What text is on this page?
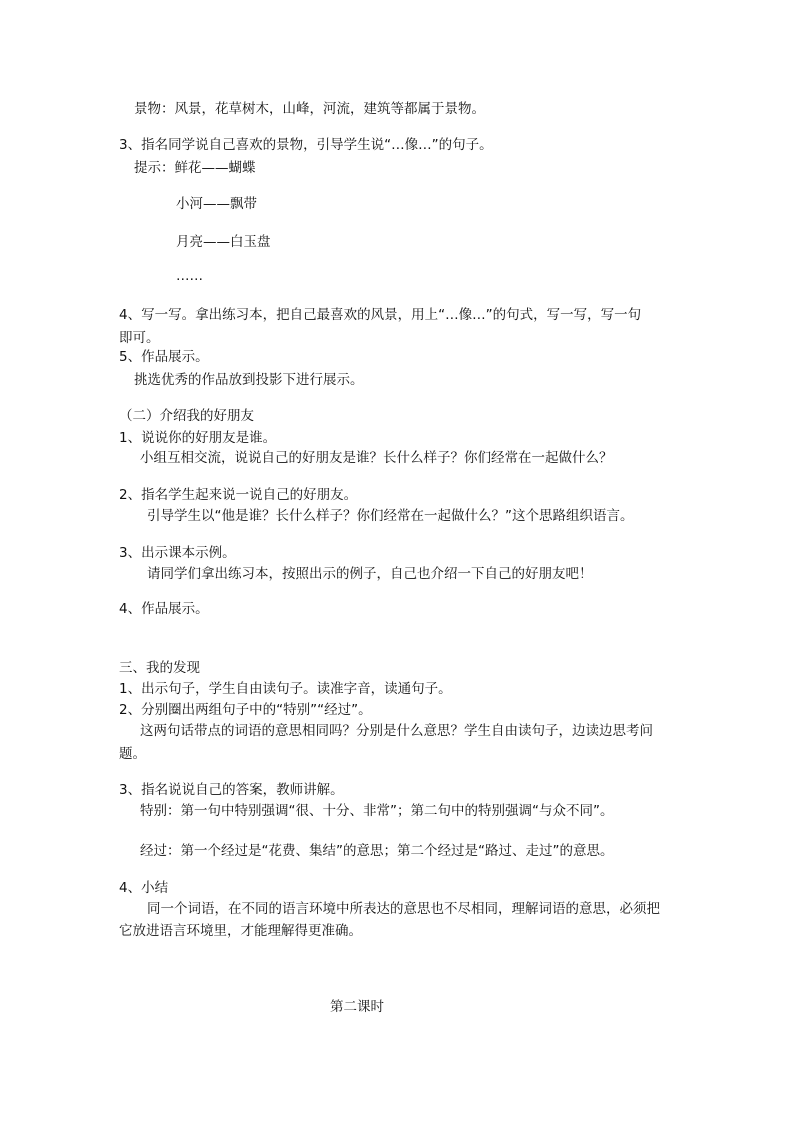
景物：风景，花草树木，山峰，河流，建筑等都属于景物。
3、指名同学说自己喜欢的景物，引导学生说“…像…”的句子。
提示：鲜花——蝴蝶
小河——飘带
月亮——白玉盘
……
4、写一写。拿出练习本，把自己最喜欢的风景，用上“…像…”的句式，写一写，写一句
即可。
5、作品展示。
挑选优秀的作品放到投影下进行展示。
（二）介绍我的好朋友
1、说说你的好朋友是谁。
小组互相交流，说说自己的好朋友是谁？长什么样子？你们经常在一起做什么？
2、指名学生起来说一说自己的好朋友。
引导学生以“他是谁？长什么样子？你们经常在一起做什么？”这个思路组织语言。
3、出示课本示例。
请同学们拿出练习本，按照出示的例子，自己也介绍一下自己的好朋友吧！
4、作品展示。
三、我的发现
1、出示句子，学生自由读句子。读准字音，读通句子。
2、分别圈出两组句子中的“特别”“经过”。
这两句话带点的词语的意思相同吗？分别是什么意思？学生自由读句子，边读边思考问
题。
3、指名说说自己的答案，教师讲解。
特别：第一句中特别强调“很、十分、非常”；第二句中的特别强调“与众不同”。
经过：第一个经过是“花费、集结”的意思；第二个经过是“路过、走过”的意思。
4、小结
同一个词语，在不同的语言环境中所表达的意思也不尽相同，理解词语的意思，必须把
它放进语言环境里，才能理解得更准确。
第二课时
